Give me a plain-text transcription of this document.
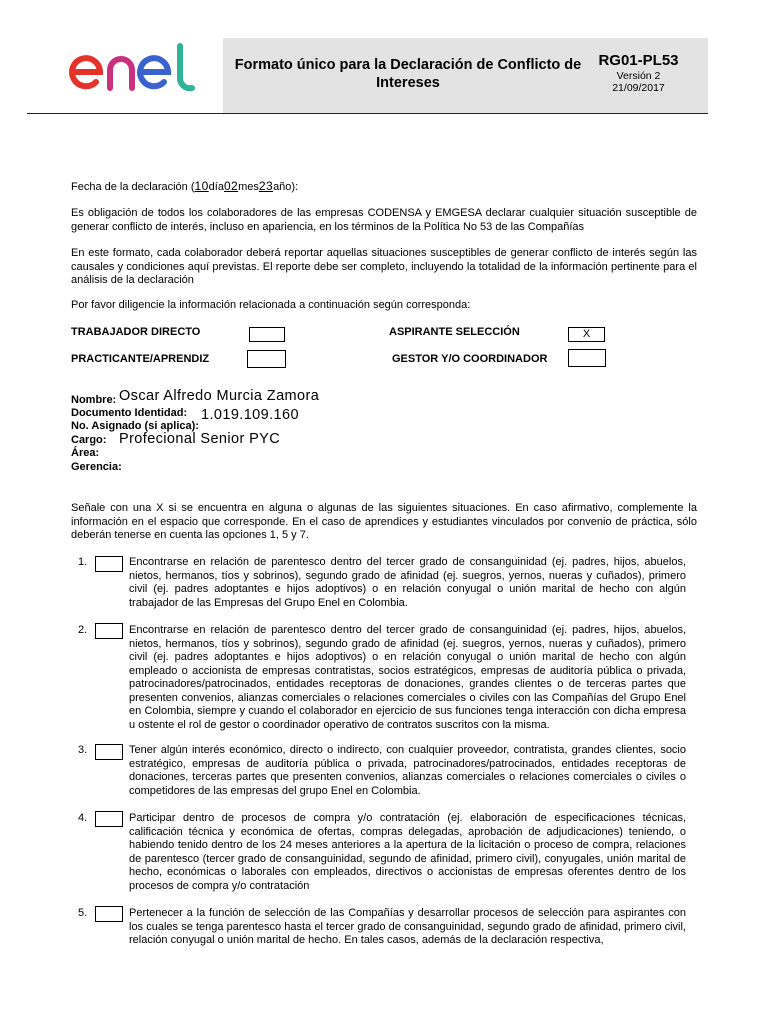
enel
Formato único para la Declaración de Conflicto de Intereses
RG01-PL53
Versión 2
21/09/2017
Fecha de la declaración (10día02mes23año):
Es obligación de todos los colaboradores de las empresas CODENSA y EMGESA declarar cualquier situación susceptible de generar conflicto de interés, incluso en apariencia, en los términos de la Política No 53 de las Compañías
En este formato, cada colaborador deberá reportar aquellas situaciones susceptibles de generar conflicto de interés según las causales y condiciones aquí previstas. El reporte debe ser completo, incluyendo la totalidad de la información pertinente para el análisis de la declaración
Por favor diligencie la información relacionada a continuación según corresponda:
TRABAJADOR DIRECTO	ASPIRANTE SELECCIÓN	X
PRACTICANTE/APRENDIZ	GESTOR Y/O COORDINADOR
Nombre: Oscar Alfredo Murcia Zamora
Documento Identidad: 1.019.109.160
No. Asignado (si aplica):
Cargo: Profecional Senior PYC
Área:
Gerencia:
Señale con una X si se encuentra en alguna o algunas de las siguientes situaciones. En caso afirmativo, complemente la información en el espacio que corresponde. En el caso de aprendices y estudiantes vinculados por convenio de práctica, sólo deberán tenerse en cuenta las opciones 1, 5 y 7.
1.	Encontrarse en relación de parentesco dentro del tercer grado de consanguinidad (ej. padres, hijos, abuelos, nietos, hermanos, tíos y sobrinos), segundo grado de afinidad (ej. suegros, yernos, nueras y cuñados), primero civil (ej. padres adoptantes e hijos adoptivos) o en relación conyugal o unión marital de hecho con algún trabajador de las Empresas del Grupo Enel en Colombia.
2.	Encontrarse en relación de parentesco dentro del tercer grado de consanguinidad (ej. padres, hijos, abuelos, nietos, hermanos, tíos y sobrinos), segundo grado de afinidad (ej. suegros, yernos, nueras y cuñados), primero civil (ej. padres adoptantes e hijos adoptivos) o en relación conyugal o unión marital de hecho con algún empleado o accionista de empresas contratistas, socios estratégicos, empresas de auditoría pública o privada, patrocinadores/patrocinados, entidades receptoras de donaciones, grandes clientes o de terceras partes que presenten convenios, alianzas comerciales o relaciones comerciales o civiles con las Compañías del Grupo Enel en Colombia, siempre y cuando el colaborador en ejercicio de sus funciones tenga interacción con dicha empresa u ostente el rol de gestor o coordinador operativo de contratos suscritos con la misma.
3.	Tener algún interés económico, directo o indirecto, con cualquier proveedor, contratista, grandes clientes, socio estratégico, empresas de auditoría pública o privada, patrocinadores/patrocinados, entidades receptoras de donaciones, terceras partes que presenten convenios, alianzas comerciales o relaciones comerciales o civiles o competidores de las empresas del grupo Enel en Colombia.
4.	Participar dentro de procesos de compra y/o contratación (ej. elaboración de especificaciones técnicas, calificación técnica y económica de ofertas, compras delegadas, aprobación de adjudicaciones) teniendo, o habiendo tenido dentro de los 24 meses anteriores a la apertura de la licitación o proceso de compra, relaciones de parentesco (tercer grado de consanguinidad, segundo de afinidad, primero civil), conyugales, unión marital de hecho, económicas o laborales con empleados, directivos o accionistas de empresas oferentes dentro de los procesos de compra y/o contratación
5.	Pertenecer a la función de selección de las Compañías y desarrollar procesos de selección para aspirantes con los cuales se tenga parentesco hasta el tercer grado de consanguinidad, segundo grado de afinidad, primero civil, relación conyugal o unión marital de hecho. En tales casos, además de la declaración respectiva,
